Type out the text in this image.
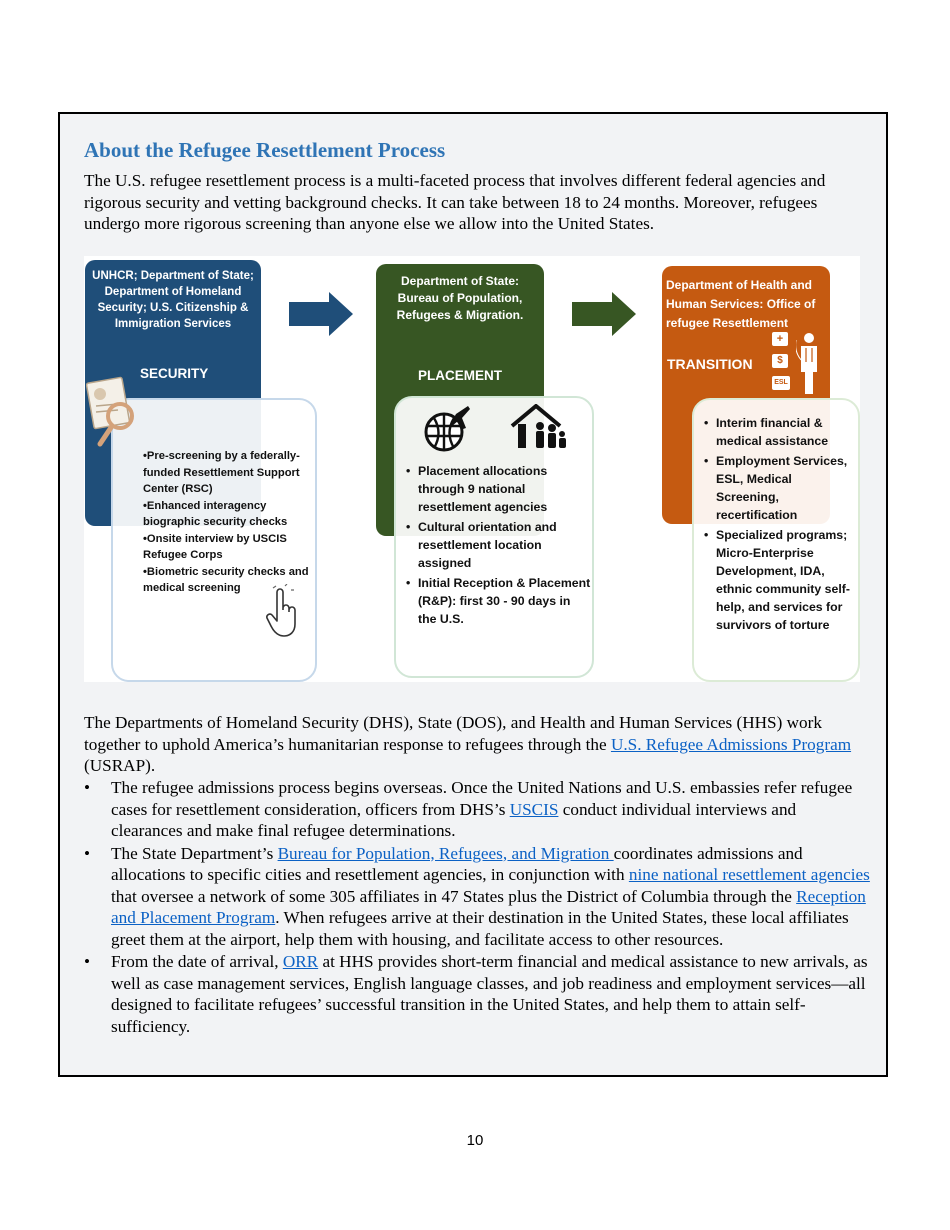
About the Refugee Resettlement Process

The U.S. refugee resettlement process is a multi-faceted process that involves different federal agencies and rigorous security and vetting background checks. It can take between 18 to 24 months. Moreover, refugees undergo more rigorous screening than anyone else we allow into the United States.

UNHCR; Department of State;
Department of Homeland
Security; U.S. Citizenship &
Immigration Services
SECURITY
•Pre-screening by a federally-funded Resettlement Support Center (RSC)
•Enhanced interagency biographic security checks
•Onsite interview by USCIS Refugee Corps
•Biometric security checks and medical screening
Department of State:
Bureau of Population,
Refugees & Migration.
PLACEMENT
• Placement allocations through 9 national resettlement agencies
• Cultural orientation and resettlement location assigned
• Initial Reception & Placement (R&P): first 30 - 90 days in the U.S.
Department of Health and
Human Services: Office of
refugee Resettlement
TRANSITION
+
$
ESL
• Interim financial & medical assistance
• Employment Services, ESL, Medical Screening, recertification
• Specialized programs; Micro-Enterprise Development, IDA, ethnic community self-help, and services for survivors of torture

The Departments of Homeland Security (DHS), State (DOS), and Health and Human Services (HHS) work together to uphold America’s humanitarian response to refugees through the U.S. Refugee Admissions Program (USRAP).

• The refugee admissions process begins overseas. Once the United Nations and U.S. embassies refer refugee cases for resettlement consideration, officers from DHS’s USCIS conduct individual interviews and clearances and make final refugee determinations.
• The State Department’s Bureau for Population, Refugees, and Migration coordinates admissions and allocations to specific cities and resettlement agencies, in conjunction with nine national resettlement agencies that oversee a network of some 305 affiliates in 47 States plus the District of Columbia through the Reception and Placement Program. When refugees arrive at their destination in the United States, these local affiliates greet them at the airport, help them with housing, and facilitate access to other resources.
• From the date of arrival, ORR at HHS provides short-term financial and medical assistance to new arrivals, as well as case management services, English language classes, and job readiness and employment services—all designed to facilitate refugees’ successful transition in the United States, and help them to attain self-sufficiency.
10
